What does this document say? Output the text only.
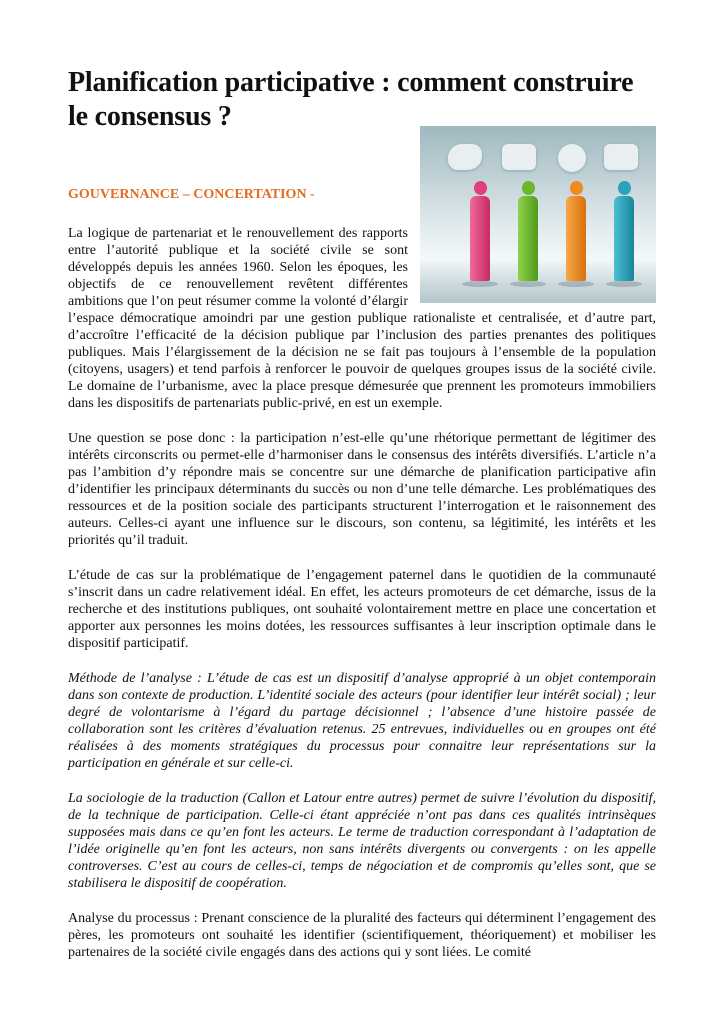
Planification participative : comment construire le consensus ?
GOUVERNANCE – CONCERTATION -

La logique de partenariat et le renouvellement des rapports entre l’autorité publique et la société civile se sont développés depuis les années 1960. Selon les époques, les objectifs de ce renouvellement revêtent différentes ambitions que l’on peut résumer comme la volonté d’élargir l’espace démocratique amoindri par une gestion publique rationaliste et centralisée, et d’autre part, d’accroître l’efficacité de la décision publique par l’inclusion des parties prenantes des politiques publiques. Mais l’élargissement de la décision ne se fait pas toujours à l’ensemble de la population (citoyens, usagers) et tend parfois à renforcer le pouvoir de quelques groupes issus de la société civile. Le domaine de l’urbanisme, avec la place presque démesurée que prennent les promoteurs immobiliers dans les dispositifs de partenariats public-privé, en est un exemple.

Une question se pose donc : la participation n’est-elle qu’une rhétorique permettant de légitimer des intérêts circonscrits ou permet-elle d’harmoniser dans le consensus des intérêts diversifiés. L’article n’a pas l’ambition d’y répondre mais se concentre sur une démarche de planification participative afin d’identifier les principaux déterminants du succès ou non d’une telle démarche. Les problématiques des ressources et de la position sociale des participants structurent l’interrogation et le raisonnement des auteurs. Celles-ci ayant une influence sur le discours, son contenu, sa légitimité, les intérêts et les priorités qu’il traduit.

L’étude de cas sur la problématique de l’engagement paternel dans le quotidien de la communauté s’inscrit dans un cadre relativement idéal. En effet, les acteurs promoteurs de cet démarche, issus de la recherche et des institutions publiques, ont souhaité volontairement mettre en place une concertation et apporter aux personnes les moins dotées, les ressources suffisantes à leur inscription optimale dans le dispositif participatif.

Méthode de l’analyse : L’étude de cas est un dispositif d’analyse approprié à un objet contemporain dans son contexte de production. L’identité sociale des acteurs (pour identifier leur intérêt social) ; leur degré de volontarisme à l’égard du partage décisionnel ; l’absence d’une histoire passée de collaboration sont les critères d’évaluation retenus. 25 entrevues, individuelles ou en groupes ont été réalisées à des moments stratégiques du processus pour connaitre leur représentations sur la participation en générale et sur celle-ci.

La sociologie de la traduction (Callon et Latour entre autres) permet de suivre l’évolution du dispositif, de la technique de participation. Celle-ci étant appréciée n’ont pas dans ces qualités intrinsèques supposées mais dans ce qu’en font les acteurs. Le terme de traduction correspondant à l’adaptation de l’idée originelle qu’en font les acteurs, non sans intérêts divergents ou convergents : on les appelle controverses. C’est au cours de celles-ci, temps de négociation et de compromis qu’elles sont, que se stabilisera le dispositif de coopération.

Analyse du processus : Prenant conscience de la pluralité des facteurs qui déterminent l’engagement des pères, les promoteurs ont souhaité les identifier (scientifiquement, théoriquement) et mobiliser les partenaires de la société civile engagés dans des actions qui y sont liées. Le comité
